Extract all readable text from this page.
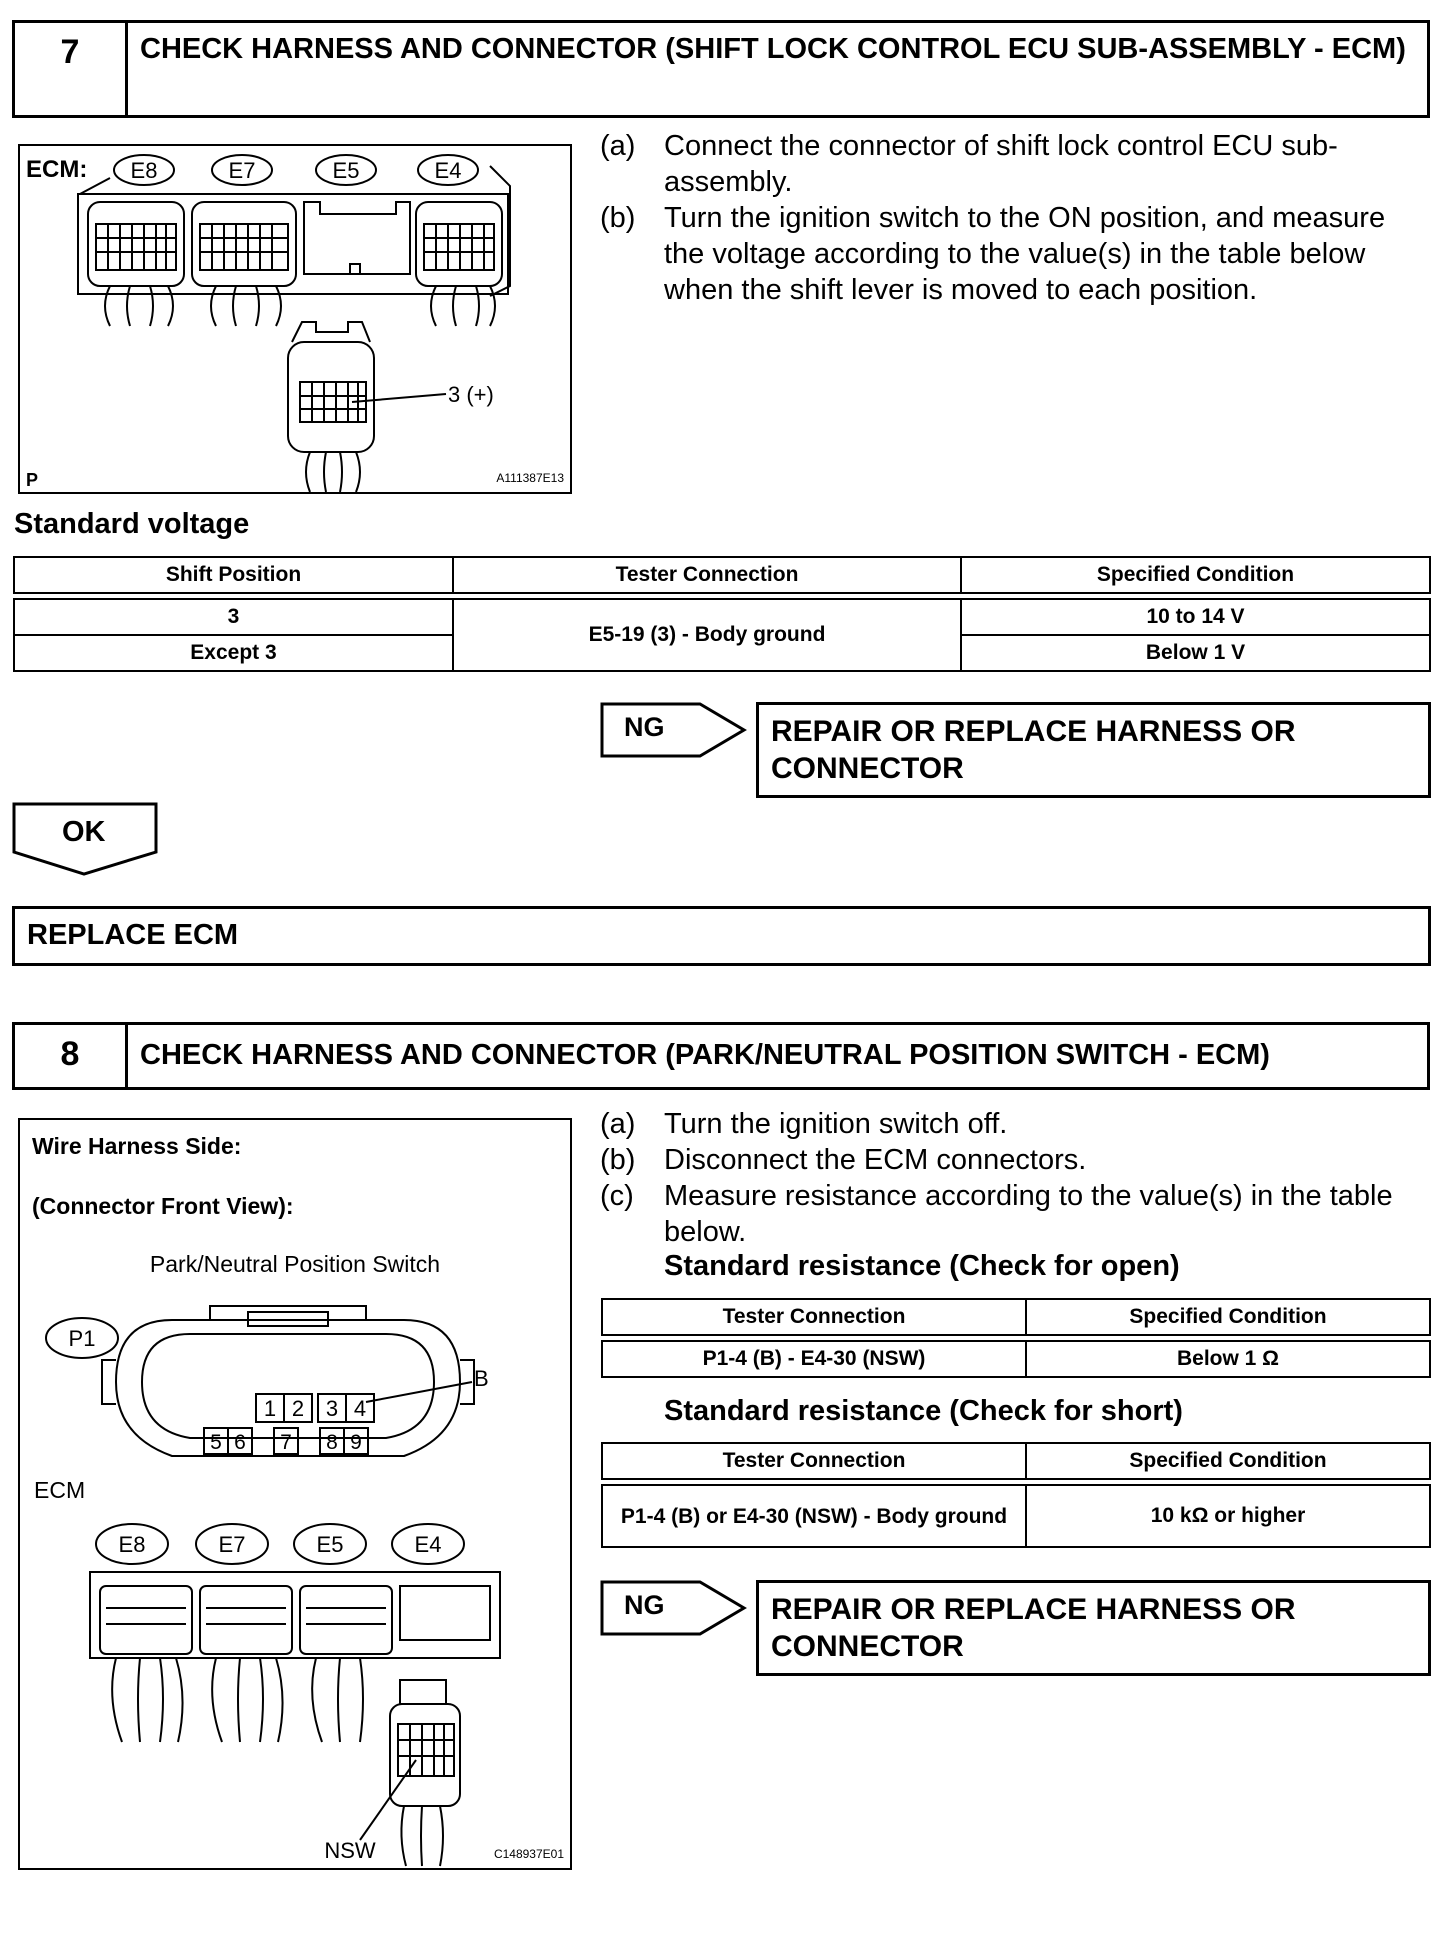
7	CHECK HARNESS AND CONNECTOR (SHIFT LOCK CONTROL ECU SUB-ASSEMBLY - ECM)
ECM: E8	E7	E5	E4
3 (+)
P	A111387E13
(a) Connect the connector of shift lock control ECU sub-assembly.
(b) Turn the ignition switch to the ON position, and measure the voltage according to the value(s) in the table below when the shift lever is moved to each position.
Standard voltage
Shift Position	Tester Connection	Specified Condition

3	E5-19 (3) - Body ground	10 to 14 V
Except 3		Below 1 V
NG	REPAIR OR REPLACE HARNESS OR CONNECTOR
OK
REPLACE ECM
8	CHECK HARNESS AND CONNECTOR (PARK/NEUTRAL POSITION SWITCH - ECM)
Wire Harness Side:
(Connector Front View):
Park/Neutral Position Switch
P1
1 2 3 4
5 6 7 8 9
B
ECM
E8	E7	E5	E4
NSW	C148937E01
(a) Turn the ignition switch off.
(b) Disconnect the ECM connectors.
(c)	Measure resistance according to the value(s) in the table below.
Standard resistance (Check for open)
Tester Connection	Specified Condition

P1-4 (B) - E4-30 (NSW)	Below 1 Ω
Standard resistance (Check for short)
Tester Connection	Specified Condition

P1-4 (B) or E4-30 (NSW) - Body ground	10 kΩ or higher
NG	REPAIR OR REPLACE HARNESS OR CONNECTOR
